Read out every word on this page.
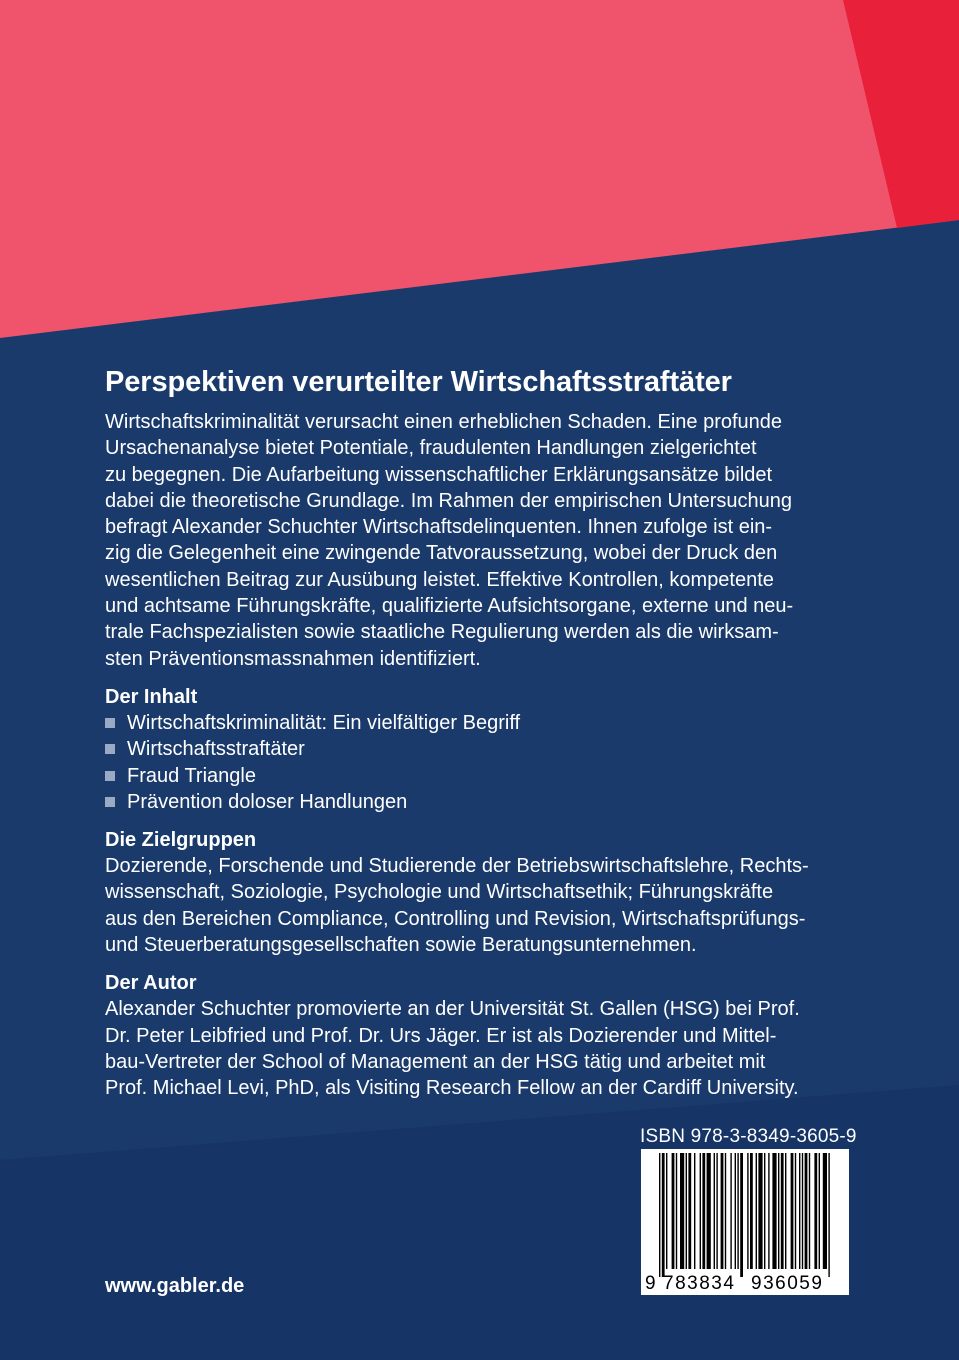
Perspektiven verurteilter Wirtschaftsstraftäter

Wirtschaftskriminalität verursacht einen erheblichen Schaden. Eine profunde
Ursachenanalyse bietet Potentiale, fraudulenten Handlungen zielgerichtet
zu begegnen. Die Aufarbeitung wissenschaftlicher Erklärungsansätze bildet
dabei die theoretische Grundlage. Im Rahmen der empirischen Untersuchung
befragt Alexander Schuchter Wirtschaftsdelinquenten. Ihnen zufolge ist ein-
zig die Gelegenheit eine zwingende Tatvoraussetzung, wobei der Druck den
wesentlichen Beitrag zur Ausübung leistet. Effektive Kontrollen, kompetente
und achtsame Führungskräfte, qualifizierte Aufsichtsorgane, externe und neu-
trale Fachspezialisten sowie staatliche Regulierung werden als die wirksam-
sten Präventionsmassnahmen identifiziert.

Der Inhalt
Wirtschaftskriminalität: Ein vielfältiger Begriff
Wirtschaftsstraftäter
Fraud Triangle
Prävention doloser Handlungen
Die Zielgruppen

Dozierende, Forschende und Studierende der Betriebswirtschaftslehre, Rechts-
wissenschaft, Soziologie, Psychologie und Wirtschaftsethik; Führungskräfte
aus den Bereichen Compliance, Controlling und Revision, Wirtschaftsprüfungs-
und Steuerberatungsgesellschaften sowie Beratungsunternehmen.

Der Autor

Alexander Schuchter promovierte an der Universität St. Gallen (HSG) bei Prof.
Dr. Peter Leibfried und Prof. Dr. Urs Jäger. Er ist als Dozierender und Mittel-
bau-Vertreter der School of Management an der HSG tätig und arbeitet mit
Prof. Michael Levi, PhD, als Visiting Research Fellow an der Cardiff University.

ISBN 978-3-8349-3605-9
9 783834 936059
www.gabler.de
